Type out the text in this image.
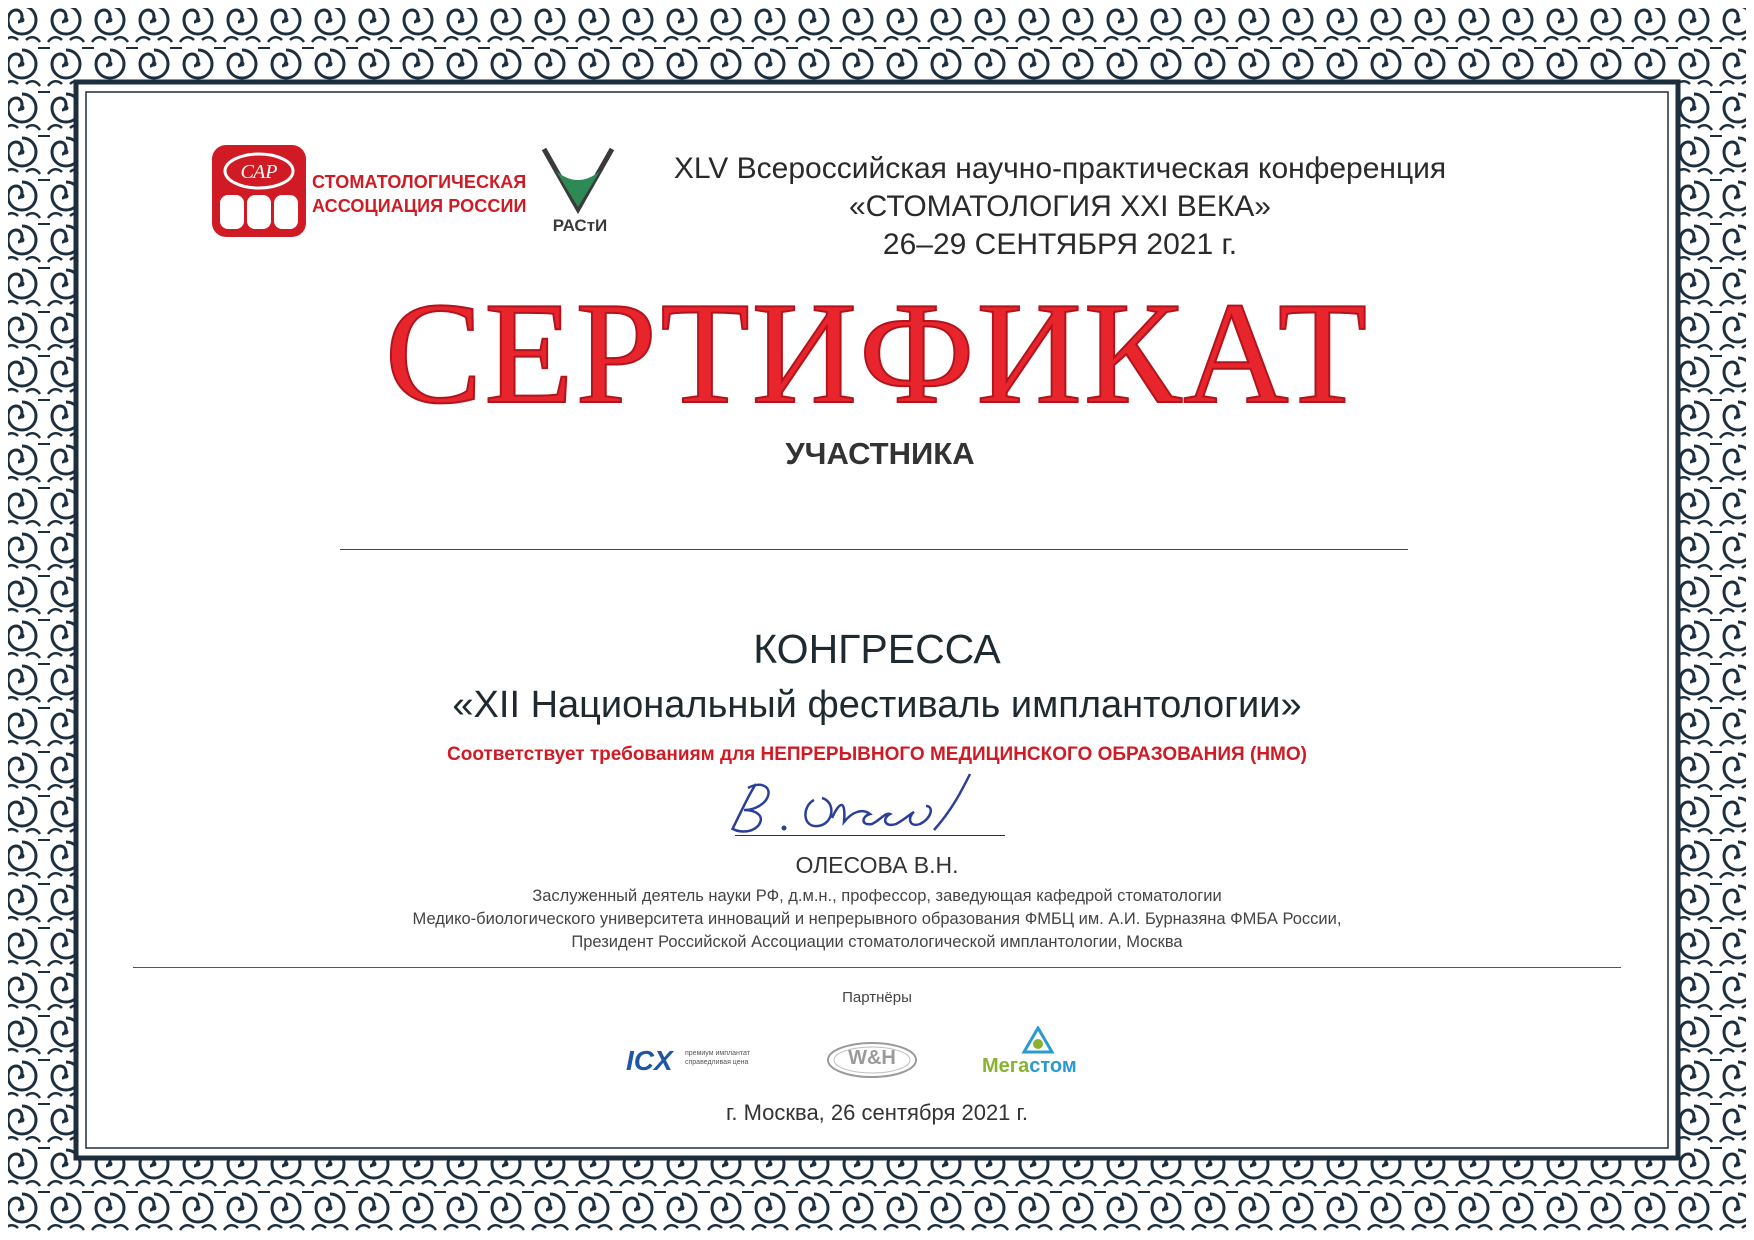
САР СТОМАТОЛОГИЧЕСКАЯ
АССОЦИАЦИЯ РОССИИ
РАСтИ
XLV Всероссийская научно-практическая конференция
«СТОМАТОЛОГИЯ XXI ВЕКА»
26–29 СЕНТЯБРЯ 2021 г.
СЕРТИФИКАТ
УЧАСТНИКА
КОНГРЕССА
«XII Национальный фестиваль имплантологии»
Соответствует требованиям для НЕПРЕРЫВНОГО МЕДИЦИНСКОГО ОБРАЗОВАНИЯ (НМО)
ОЛЕСОВА В.Н.
Заслуженный деятель науки РФ, д.м.н., профессор, заведующая кафедрой стоматологии
Медико-биологического университета инноваций и непрерывного образования ФМБЦ им. А.И. Бурназяна ФМБА России,
Президент Российской Ассоциации стоматологической имплантологии, Москва
Партнёры
ICX премиум имплантат
справедливая цена	W&H	Мегастом
г. Москва, 26 сентября 2021 г.
